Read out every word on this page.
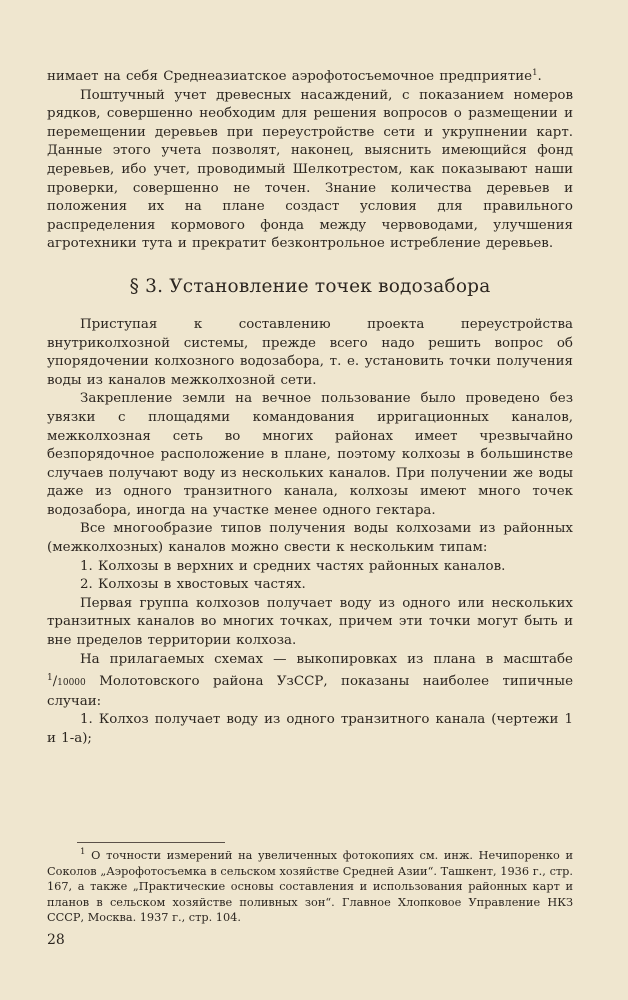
нимает на себя Среднеазиатское аэрофотосъемочное предприятие$^1$.

Поштучный учет древесных насаждений, с показанием номеров рядков, совершенно необходим для решения вопросов о размещении и перемещении деревьев при переустройстве сети и укрупнении карт. Данные этого учета позволят, наконец, выяснить имеющийся фонд деревьев, ибо учет, проводимый Шелкотрестом, как показывают наши проверки, совершенно не точен. Знание количества деревьев и положения их на плане создаст условия для правильного распределения кормового фонда между червоводами, улучшения агротехники тута и прекратит безконтрольное истребление деревьев.

§ 3. Установление точек водозабора

Приступая к составлению проекта переустройства внутриколхозной системы, прежде всего надо решить вопрос об упорядочении колхозного водозабора, т. е. установить точки получения воды из каналов межколхозной сети.

Закрепление земли на вечное пользование было проведено без увязки с площадями командования ирригационных каналов, межколхозная сеть во многих районах имеет чрезвычайно безпорядочное расположение в плане, поэтому колхозы в большинстве случаев получают воду из нескольких каналов. При получении же воды даже из одного транзитного канала, колхозы имеют много точек водозабора, иногда на участке менее одного гектара.

Все многообразие типов получения воды колхозами из районных (межколхозных) каналов можно свести к нескольким типам:

1. Колхозы в верхних и средних частях районных каналов.

2. Колхозы в хвостовых частях.

Первая группа колхозов получает воду из одного или нескольких транзитных каналов во многих точках, причем эти точки могут быть и вне пределов территории колхоза.

На прилагаемых схемах — выкопировках из плана в масштабе $^1$/10000 Молотовского района УзССР, показаны наиболее типичные случаи:

1. Колхоз получает воду из одного транзитного канала (чертежи 1 и 1-а);

$^1$ О точности измерений на увеличенных фотокопиях см. инж. Нечипоренко и Соколов „Аэрофотосъемка в сельском хозяйстве Средней Азии“. Ташкент, 1936 г., стр. 167, а также „Практические основы составления и использования районных карт и планов в сельском хозяйстве поливных зон“. Главное Хлопковое Управление НКЗ СССР, Москва. 1937 г., стр. 104.

28
